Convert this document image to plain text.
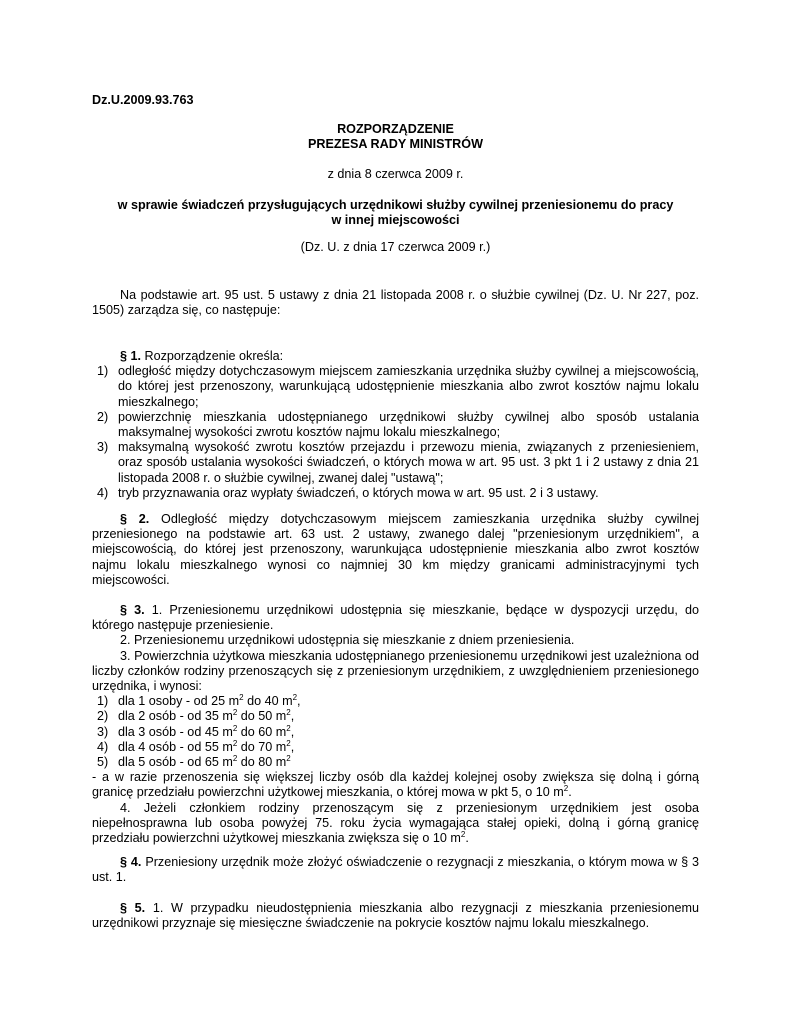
Dz.U.2009.93.763
ROZPORZĄDZENIE
PREZESA RADY MINISTRÓW
z dnia 8 czerwca 2009 r.
w sprawie świadczeń przysługujących urzędnikowi służby cywilnej przeniesionemu do pracy
w innej miejscowości
(Dz. U. z dnia 17 czerwca 2009 r.)

Na podstawie art. 95 ust. 5 ustawy z dnia 21 listopada 2008 r. o służbie cywilnej (Dz. U. Nr 227, poz. 1505) zarządza się, co następuje:

§ 1. Rozporządzenie określa:

1) odległość między dotychczasowym miejscem zamieszkania urzędnika służby cywilnej a miejscowością, do której jest przenoszony, warunkującą udostępnienie mieszkania albo zwrot kosztów najmu lokalu mieszkalnego;
2) powierzchnię mieszkania udostępnianego urzędnikowi służby cywilnej albo sposób ustalania maksymalnej wysokości zwrotu kosztów najmu lokalu mieszkalnego;
3) maksymalną wysokość zwrotu kosztów przejazdu i przewozu mienia, związanych z przeniesieniem, oraz sposób ustalania wysokości świadczeń, o których mowa w art. 95 ust. 3 pkt 1 i 2 ustawy z dnia 21 listopada 2008 r. o służbie cywilnej, zwanej dalej "ustawą";
4) tryb przyznawania oraz wypłaty świadczeń, o których mowa w art. 95 ust. 2 i 3 ustawy.

§ 2. Odległość między dotychczasowym miejscem zamieszkania urzędnika służby cywilnej przeniesionego na podstawie art. 63 ust. 2 ustawy, zwanego dalej "przeniesionym urzędnikiem", a miejscowością, do której jest przenoszony, warunkująca udostępnienie mieszkania albo zwrot kosztów najmu lokalu mieszkalnego wynosi co najmniej 30 km między granicami administracyjnymi tych miejscowości.

§ 3. 1. Przeniesionemu urzędnikowi udostępnia się mieszkanie, będące w dyspozycji urzędu, do którego następuje przeniesienie.

2. Przeniesionemu urzędnikowi udostępnia się mieszkanie z dniem przeniesienia.

3. Powierzchnia użytkowa mieszkania udostępnianego przeniesionemu urzędnikowi jest uzależniona od liczby członków rodziny przenoszących się z przeniesionym urzędnikiem, z uwzględnieniem przeniesionego urzędnika, i wynosi:

1) dla 1 osoby - od 25 $m^2$ do 40 $m^2$,
2) dla 2 osób - od 35 $m^2$ do 50 $m^2$,
3) dla 3 osób - od 45 $m^2$ do 60 $m^2$,
4) dla 4 osób - od 55 $m^2$ do 70 $m^2$,
5) dla 5 osób - od 65 $m^2$ do 80 $m^2$

- a w razie przenoszenia się większej liczby osób dla każdej kolejnej osoby zwiększa się dolną i górną granicę przedziału powierzchni użytkowej mieszkania, o której mowa w pkt 5, o 10 $m^2$.

4. Jeżeli członkiem rodziny przenoszącym się z przeniesionym urzędnikiem jest osoba niepełnosprawna lub osoba powyżej 75. roku życia wymagająca stałej opieki, dolną i górną granicę przedziału powierzchni użytkowej mieszkania zwiększa się o 10 $m^2$.

§ 4. Przeniesiony urzędnik może złożyć oświadczenie o rezygnacji z mieszkania, o którym mowa w § 3 ust. 1.

§ 5. 1. W przypadku nieudostępnienia mieszkania albo rezygnacji z mieszkania przeniesionemu urzędnikowi przyznaje się miesięczne świadczenie na pokrycie kosztów najmu lokalu mieszkalnego.
